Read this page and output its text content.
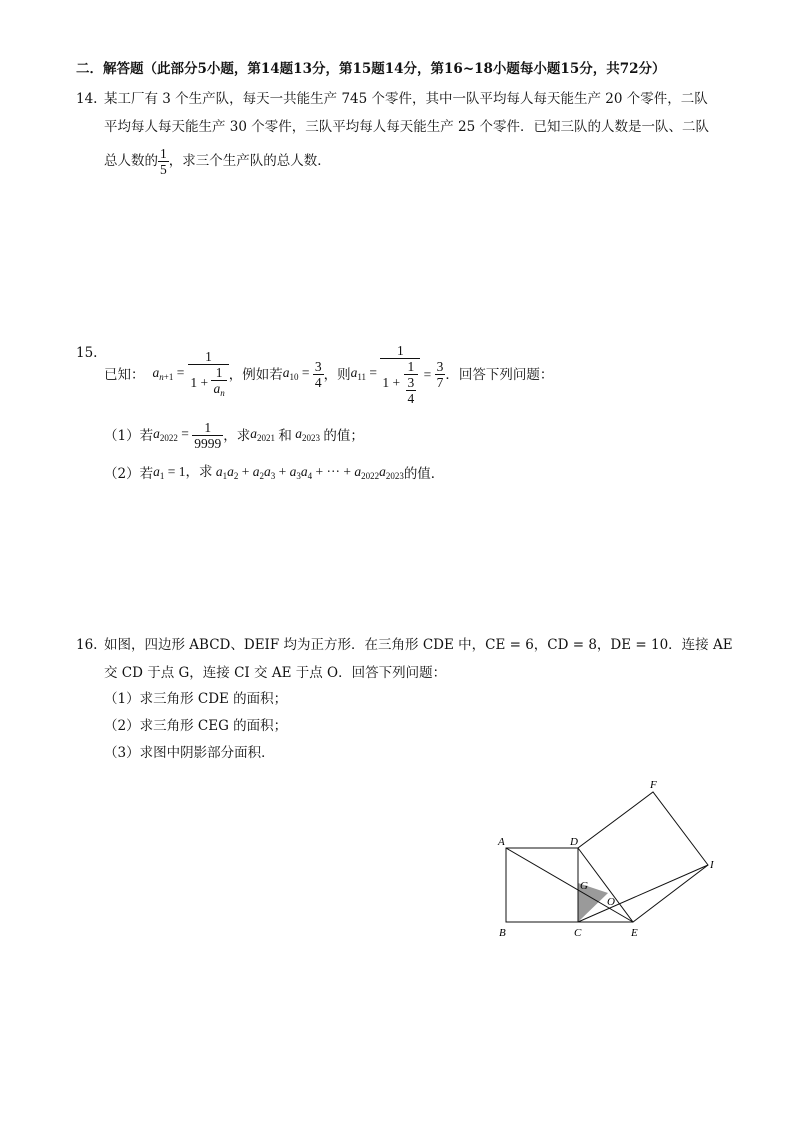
二．解答题（此部分5小题，第14题13分，第15题14分，第16~18小题每小题15分，共72分）
14. 某工厂有 3 个生产队，每天一共能生产 745 个零件，其中一队平均每人每天能生产 20 个零件，二队
平均每人每天能生产 30 个零件，三队平均每人每天能生产 25 个零件．已知三队的人数是一队、二队
总人数的 $\frac{1}{5}$ ，求三个生产队的总人数．
15.
已知： $a_{n+1} = \frac{1}{1 + \frac{1}{a_n}}$ ，例如若 $a_{10} = \frac{3}{4}$ ，则 $a_{11} = \frac{1}{1 + \frac{1}{\frac{3}{4}}} = \frac{3}{7}$ ．回答下列问题：
（1）若 $a_{2022} = \frac{1}{9999}$ ，求 $a_{2021}$ 和 $a_{2023}$ 的值；
（2）若 $a_1 = 1$，求 $a_1a_2 + a_2a_3 + a_3a_4$ + ··· + $a_{2022}a_{2023}$ 的值．
16. 如图，四边形 ABCD、DEIF 均为正方形．在三角形 CDE 中，CE = 6，CD = 8，DE = 10．连接 AE
交 CD 于点 G，连接 CI 交 AE 于点 O．回答下列问题：
（1）求三角形 CDE 的面积；
（2）求三角形 CEG 的面积；
（3）求图中阴影部分面积．
A
B	C
D
E
F
G
I
O
